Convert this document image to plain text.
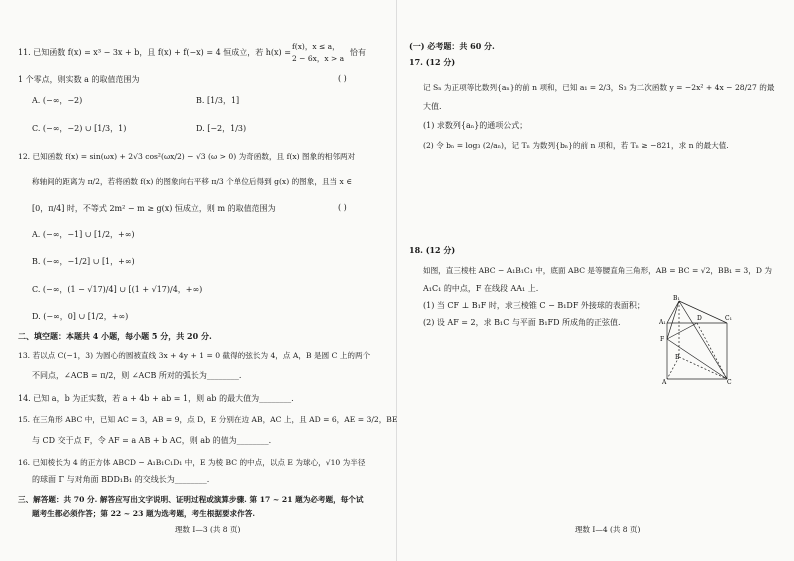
11. 已知函数 f(x) = x³ − 3x + b，且 f(x) + f(−x) = 4 恒成立，若 h(x) =
f(x)，x ≤ a，
2 − 6x，x > a
恰有
1 个零点，则实数 a 的取值范围为	( )
A. (−∞，−2)	B. [1/3，1]
C. (−∞，−2) ∪ [1/3，1)	D. [−2，1/3)
12. 已知函数 f(x) = sin(ωx) + 2√3 cos²(ωx/2) − √3 (ω > 0) 为奇函数，且 f(x) 图象的相邻两对
称轴间的距离为 π/2，若将函数 f(x) 的图象向右平移 π/3 个单位后得到 g(x) 的图象，且当 x ∈
[0，π/4] 时，不等式 2m² − m ≥ g(x) 恒成立，则 m 的取值范围为	( )
A. (−∞，−1] ∪ [1/2，+∞)
B. (−∞，−1/2] ∪ [1，+∞)
C. (−∞，(1 − √17)/4] ∪ [(1 + √17)/4，+∞)
D. (−∞，0] ∪ [1/2，+∞)
二、填空题：本题共 4 小题，每小题 5 分，共 20 分.
13. 若以点 C(−1，3) 为圆心的圆被直线 3x + 4y + 1 = 0 截得的弦长为 4，点 A，B 是圆 C 上的两个
不同点，∠ACB = π/2，则 ∠ACB 所对的弧长为________.
14. 已知 a，b 为正实数，若 a + 4b + ab = 1，则 ab 的最大值为________.
15. 在三角形 ABC 中，已知 AC = 3，AB = 9，点 D，E 分别在边 AB，AC 上，且 AD = 6，AE = 3/2，BE
与 CD 交于点 F，令 AF = a AB + b AC，则 ab 的值为________.
16. 已知棱长为 4 的正方体 ABCD − A₁B₁C₁D₁ 中，E 为棱 BC 的中点，以点 E 为球心，√10 为半径
的球面 Γ 与对角面 BDD₁B₁ 的交线长为________.
三、解答题：共 70 分. 解答应写出文字说明、证明过程或演算步骤. 第 17 ~ 21 题为必考题，每个试
题考生都必须作答；第 22 ~ 23 题为选考题，考生根据要求作答.
理数 Ⅰ—3 (共 8 页)
(一) 必考题：共 60 分.
17. (12 分)
记 Sₙ 为正项等比数列{aₙ}的前 n 项和，已知 a₁ = 2/3，S₃ 为二次函数 y = −2x² + 4x − 28/27 的最
大值.
(1) 求数列{aₙ}的通项公式；
(2) 令 bₙ = log₃ (2/aₙ)，记 Tₙ 为数列{bₙ}的前 n 项和，若 Tₙ ≥ −821，求 n 的最大值.
18. (12 分)
如图，直三棱柱 ABC − A₁B₁C₁ 中，底面 ABC 是等腰直角三角形，AB = BC = √2，BB₁ = 3，D 为
A₁C₁ 的中点，F 在线段 AA₁ 上.
(1) 当 CF ⊥ B₁F 时，求三棱锥 C − B₁DF 外接球的表面积；
(2) 设 AF = 2，求 B₁C 与平面 B₁FD 所成角的正弦值.
B₁
A₁
D	C₁
F
B
A	C
理数 Ⅰ—4 (共 8 页)
